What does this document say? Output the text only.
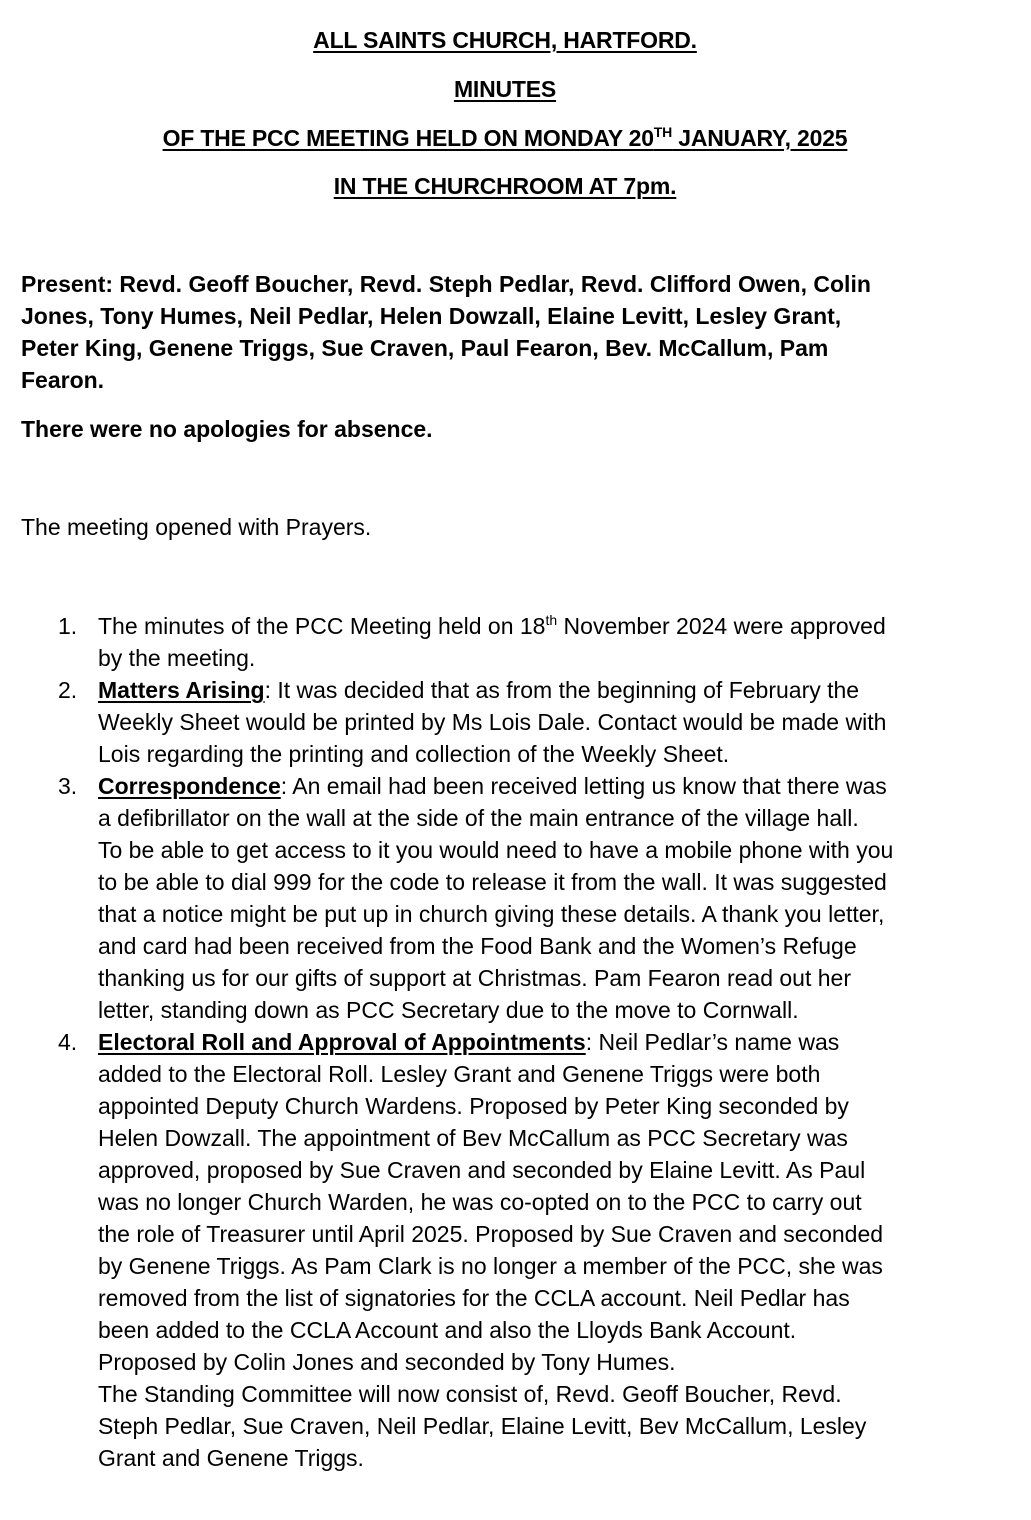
ALL SAINTS CHURCH, HARTFORD.
MINUTES
OF THE PCC MEETING HELD ON MONDAY 20TH JANUARY, 2025
IN THE CHURCHROOM AT 7pm.
Present: Revd. Geoff Boucher, Revd. Steph Pedlar, Revd. Clifford Owen, Colin
Jones, Tony Humes, Neil Pedlar, Helen Dowzall, Elaine Levitt, Lesley Grant,
Peter King, Genene Triggs, Sue Craven, Paul Fearon, Bev. McCallum, Pam
Fearon.
There were no apologies for absence.
The meeting opened with Prayers.
1. The minutes of the PCC Meeting held on 18th November 2024 were approved
by the meeting.
2. Matters Arising: It was decided that as from the beginning of February the
Weekly Sheet would be printed by Ms Lois Dale. Contact would be made with
Lois regarding the printing and collection of the Weekly Sheet.
3. Correspondence: An email had been received letting us know that there was
a defibrillator on the wall at the side of the main entrance of the village hall.
To be able to get access to it you would need to have a mobile phone with you
to be able to dial 999 for the code to release it from the wall. It was suggested
that a notice might be put up in church giving these details. A thank you letter,
and card had been received from the Food Bank and the Women’s Refuge
thanking us for our gifts of support at Christmas. Pam Fearon read out her
letter, standing down as PCC Secretary due to the move to Cornwall.
4. Electoral Roll and Approval of Appointments: Neil Pedlar’s name was
added to the Electoral Roll. Lesley Grant and Genene Triggs were both
appointed Deputy Church Wardens. Proposed by Peter King seconded by
Helen Dowzall. The appointment of Bev McCallum as PCC Secretary was
approved, proposed by Sue Craven and seconded by Elaine Levitt. As Paul
was no longer Church Warden, he was co-opted on to the PCC to carry out
the role of Treasurer until April 2025. Proposed by Sue Craven and seconded
by Genene Triggs. As Pam Clark is no longer a member of the PCC, she was
removed from the list of signatories for the CCLA account. Neil Pedlar has
been added to the CCLA Account and also the Lloyds Bank Account.
Proposed by Colin Jones and seconded by Tony Humes.
The Standing Committee will now consist of, Revd. Geoff Boucher, Revd.
Steph Pedlar, Sue Craven, Neil Pedlar, Elaine Levitt, Bev McCallum, Lesley
Grant and Genene Triggs.
